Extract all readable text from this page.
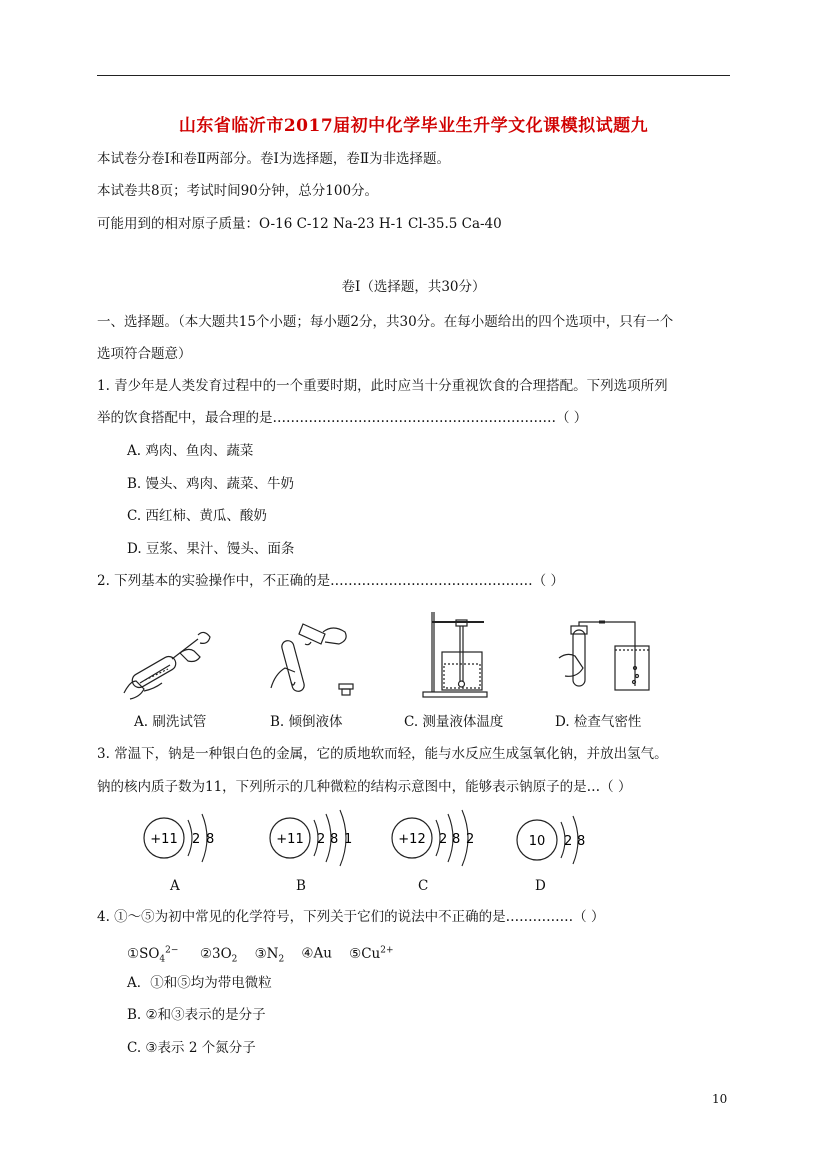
山东省临沂市2017届初中化学毕业生升学文化课模拟试题九
本试卷分卷Ⅰ和卷Ⅱ两部分。卷Ⅰ为选择题，卷Ⅱ为非选择题。
本试卷共8页；考试时间90分钟，总分100分。
可能用到的相对原子质量：O-16 C-12 Na-23 H-1 Cl-35.5 Ca-40
卷Ⅰ（选择题，共30分）
一、选择题。（本大题共15个小题；每小题2分，共30分。在每小题给出的四个选项中，只有一个
选项符合题意）
1. 青少年是人类发育过程中的一个重要时期，此时应当十分重视饮食的合理搭配。下列选项所列
举的饮食搭配中，最合理的是………………………………………………………（ ）
A. 鸡肉、鱼肉、蔬菜
B. 馒头、鸡肉、蔬菜、牛奶
C. 西红柿、黄瓜、酸奶
D. 豆浆、果汁、馒头、面条
2. 下列基本的实验操作中，不正确的是………………………………………（ ）
A. 刷洗试管	B. 倾倒液体	C. 测量液体温度	D. 检查气密性
3. 常温下，钠是一种银白色的金属，它的质地软而轻，能与水反应生成氢氧化钠，并放出氢气。
钠的核内质子数为11，下列所示的几种微粒的结构示意图中，能够表示钠原子的是…（ ）
+11 2 8	+11 2 8 1	+12 2 8 2	10 2 8
A	B	C	D
4. ①～⑤为初中常见的化学符号，下列关于它们的说法中不正确的是……………（ ）
$①SO_4^{2-}$ $②3O_2$ $③N_2$ ④Au $⑤Cu^{2+}$
A．①和⑤均为带电微粒
B. ②和③表示的是分子
C. ③表示 2 个氮分子
10
